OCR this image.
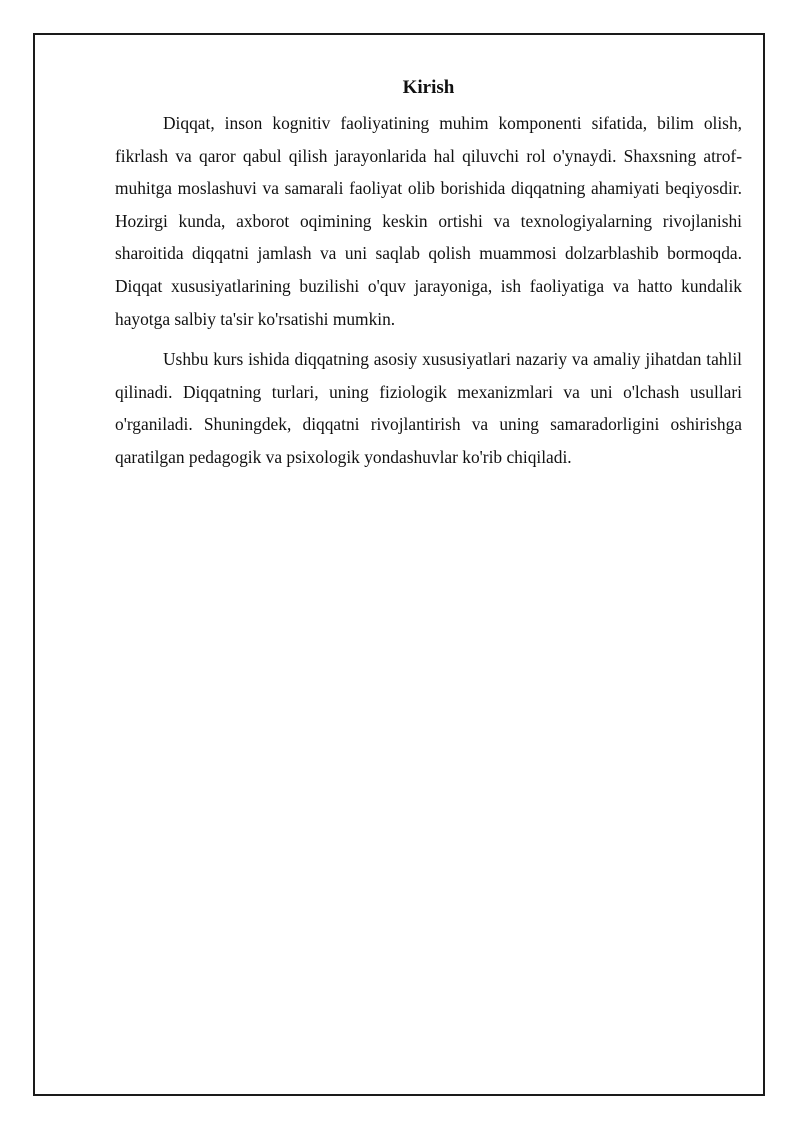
Kirish

Diqqat, inson kognitiv faoliyatining muhim komponenti sifatida, bilim olish, fikrlash va qaror qabul qilish jarayonlarida hal qiluvchi rol o'ynaydi. Shaxsning atrof-muhitga moslashuvi va samarali faoliyat olib borishida diqqatning ahamiyati beqiyosdir. Hozirgi kunda, axborot oqimining keskin ortishi va texnologiyalarning rivojlanishi sharoitida diqqatni jamlash va uni saqlab qolish muammosi dolzarblashib bormoqda. Diqqat xususiyatlarining buzilishi o'quv jarayoniga, ish faoliyatiga va hatto kundalik hayotga salbiy ta'sir ko'rsatishi mumkin.

Ushbu kurs ishida diqqatning asosiy xususiyatlari nazariy va amaliy jihatdan tahlil qilinadi. Diqqatning turlari, uning fiziologik mexanizmlari va uni o'lchash usullari o'rganiladi. Shuningdek, diqqatni rivojlantirish va uning samaradorligini oshirishga qaratilgan pedagogik va psixologik yondashuvlar ko'rib chiqiladi.
